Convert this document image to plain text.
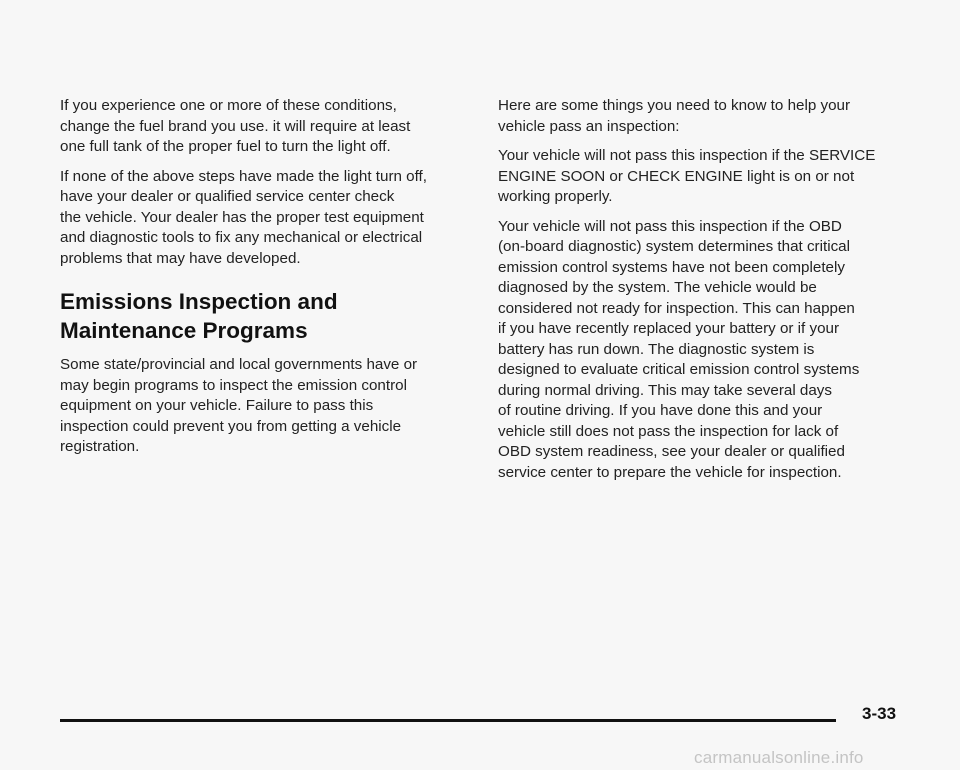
If you experience one or more of these conditions,
change the fuel brand you use. it will require at least
one full tank of the proper fuel to turn the light off.

If none of the above steps have made the light turn off,
have your dealer or qualified service center check
the vehicle. Your dealer has the proper test equipment
and diagnostic tools to fix any mechanical or electrical
problems that may have developed.

Emissions Inspection and
Maintenance Programs

Some state/provincial and local governments have or
may begin programs to inspect the emission control
equipment on your vehicle. Failure to pass this
inspection could prevent you from getting a vehicle
registration.

Here are some things you need to know to help your
vehicle pass an inspection:

Your vehicle will not pass this inspection if the SERVICE
ENGINE SOON or CHECK ENGINE light is on or not
working properly.

Your vehicle will not pass this inspection if the OBD
(on-board diagnostic) system determines that critical
emission control systems have not been completely
diagnosed by the system. The vehicle would be
considered not ready for inspection. This can happen
if you have recently replaced your battery or if your
battery has run down. The diagnostic system is
designed to evaluate critical emission control systems
during normal driving. This may take several days
of routine driving. If you have done this and your
vehicle still does not pass the inspection for lack of
OBD system readiness, see your dealer or qualified
service center to prepare the vehicle for inspection.

3-33
carmanualsonline.info
